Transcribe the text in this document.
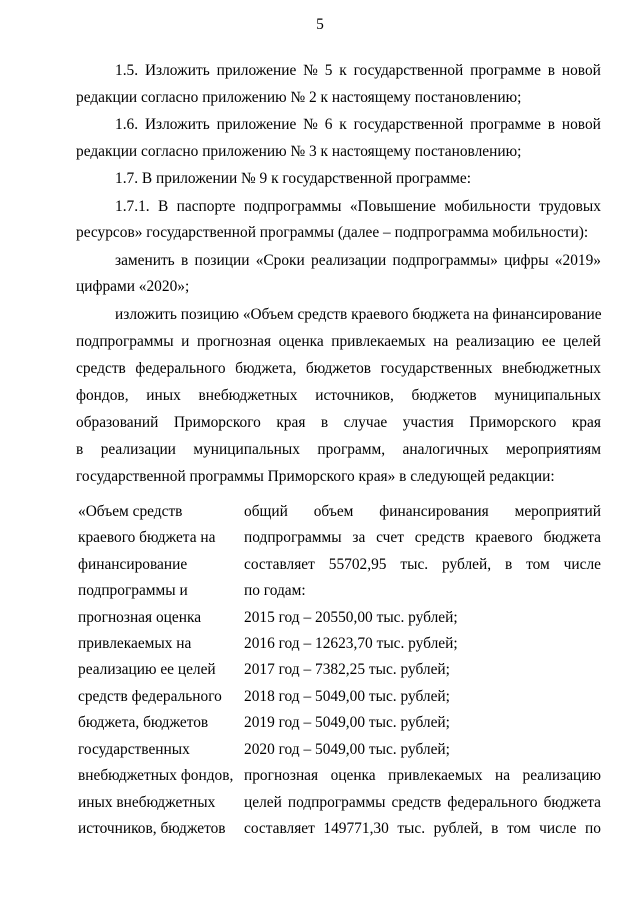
5
1.5. Изложить приложение № 5 к государственной программе в новой
редакции согласно приложению № 2 к настоящему постановлению;
1.6. Изложить приложение № 6 к государственной программе в новой
редакции согласно приложению № 3 к настоящему постановлению;
1.7. В приложении № 9 к государственной программе:
1.7.1. В паспорте подпрограммы «Повышение мобильности трудовых
ресурсов» государственной программы (далее – подпрограмма мобильности):
заменить в позиции «Сроки реализации подпрограммы» цифры «2019»
цифрами «2020»;
изложить позицию «Объем средств краевого бюджета на финансирование
подпрограммы и прогнозная оценка привлекаемых на реализацию ее целей
средств федерального бюджета, бюджетов государственных внебюджетных
фондов, иных внебюджетных источников, бюджетов муниципальных
образований Приморского края в случае участия Приморского края
в реализации муниципальных программ, аналогичных мероприятиям
государственной программы Приморского края» в следующей редакции:
«Объем средств
краевого бюджета на
финансирование
подпрограммы и
прогнозная оценка
привлекаемых на
реализацию ее целей
средств федерального
бюджета, бюджетов
государственных
внебюджетных фондов,
иных внебюджетных
источников, бюджетов
общий объем финансирования мероприятий
подпрограммы за счет средств краевого бюджета
составляет 55702,95 тыс. рублей, в том числе
по годам:
2015 год – 20550,00 тыс. рублей;
2016 год – 12623,70 тыс. рублей;
2017 год – 7382,25 тыс. рублей;
2018 год – 5049,00 тыс. рублей;
2019 год – 5049,00 тыс. рублей;
2020 год – 5049,00 тыс. рублей;
прогнозная оценка привлекаемых на реализацию
целей подпрограммы средств федерального бюджета
составляет 149771,30 тыс. рублей, в том числе по
